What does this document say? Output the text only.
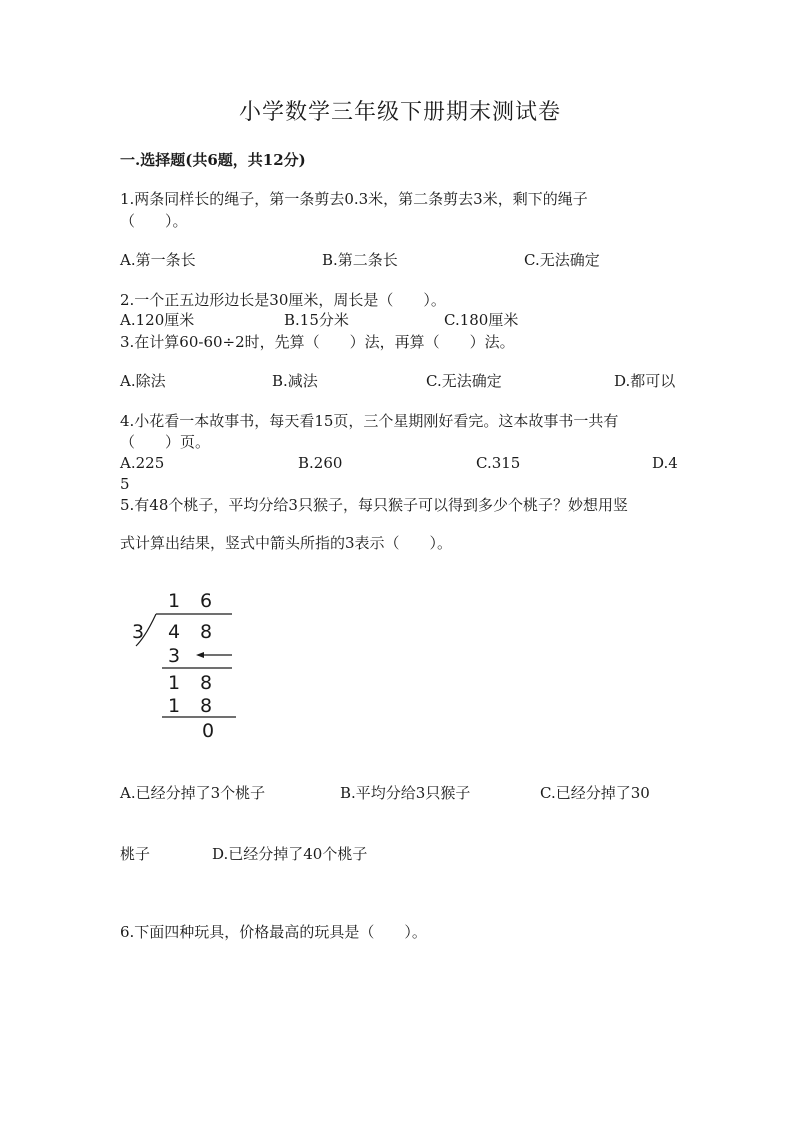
小学数学三年级下册期末测试卷
一.选择题(共6题，共12分)
1.两条同样长的绳子，第一条剪去0.3米，第二条剪去3米，剩下的绳子
（　　）。
A.第一条长	B.第二条长	C.无法确定
2.一个正五边形边长是30厘米，周长是（　　）。
A.120厘米	B.15分米	C.180厘米
3.在计算60-60÷2时，先算（　　）法，再算（　　）法。
A.除法	B.减法	C.无法确定	D.都可以
4.小花看一本故事书，每天看15页，三个星期刚好看完。这本故事书一共有
（　　）页。
A.225	B.260	C.315	D.4
5
5.有48个桃子，平均分给3只猴子，每只猴子可以得到多少个桃子？妙想用竖
式计算出结果，竖式中箭头所指的3表示（　　）。
1 6
3 4 8
3
1 8
1 8
0
A.已经分掉了3个桃子	B.平均分给3只猴子	C.已经分掉了30
桃子	D.已经分掉了40个桃子
6.下面四种玩具，价格最高的玩具是（　　）。
